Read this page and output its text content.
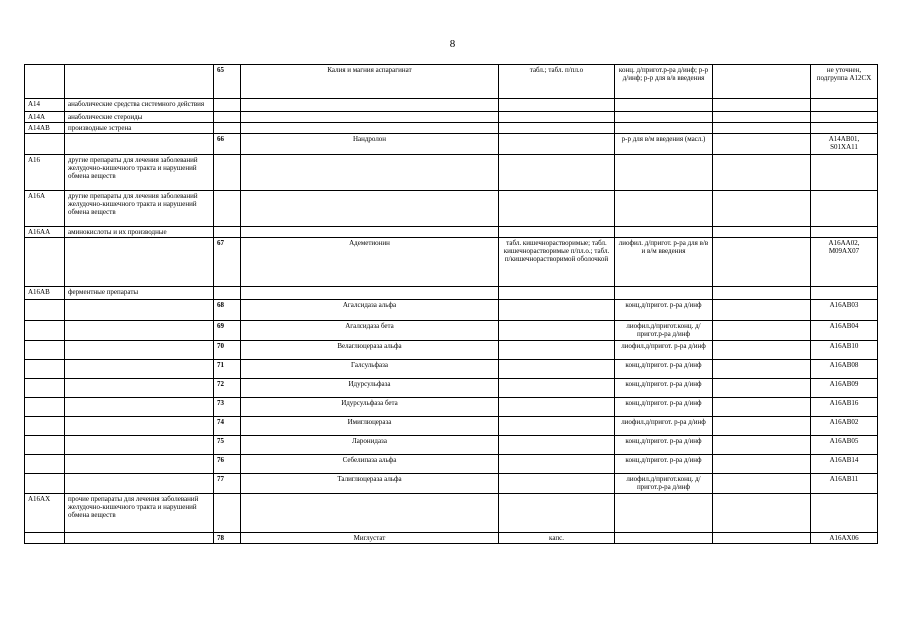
8
		65	Калия и магния аспарагинат	табл.; табл. п/пл.о	конц. д/пригот.р-ра д/инф; р-р д/инф; р-р для в/в введения		не уточнен, подгруппа A12CX
A14	анаболические средства системного действия						
A14A	анаболические стероиды						
A14AB	производные эстрена						
		66	Нандролон		р-р для в/м введения (масл.)		A14AB01, S01XA11
A16	другие препараты для лечения заболеваний желудочно-кишечного тракта и нарушений обмена веществ						
A16A	другие препараты для лечения заболеваний желудочно-кишечного тракта и нарушений обмена веществ						
A16AA	аминокислоты и их производные						
		67	Адеметионин	табл. кишечнорастворимые; табл. кишечнорастворимые п/пл.о.; табл. п/кишечнорастворимой оболочкой	лиофил. д/пригот. р-ра для в/в и в/м введения		A16AA02, M09AX07
A16AB	ферментные препараты						
		68	Агалсидаза альфа		конц.д/пригот. р-ра д/инф		A16AB03
		69	Агалсидаза бета		лиофил.д/пригот.конц. д/пригот.р-ра д/инф		A16AB04
		70	Велаглюцераза альфа		лиофил.д/пригот. р-ра д/инф		A16AB10
		71	Галсульфаза		конц.д/пригот. р-ра д/инф		A16AB08
		72	Идурсульфаза		конц.д/пригот. р-ра д/инф		A16AB09
		73	Идурсульфаза бета		конц.д/пригот. р-ра д/инф		A16AB16
		74	Имиглюцераза		лиофил.д/пригот. р-ра д/инф		A16AB02
		75	Ларонидаза		конц.д/пригот. р-ра д/инф		A16AB05
		76	Себелипаза альфа		конц.д/пригот. р-ра д/инф		A16AB14
		77	Талиглюцераза альфа		лиофил.д/пригот.конц. д/пригот.р-ра д/инф		A16AB11
A16AX	прочие препараты для лечения заболеваний желудочно-кишечного тракта и нарушений обмена веществ						
		78	Миглустат	капс.			A16AX06
